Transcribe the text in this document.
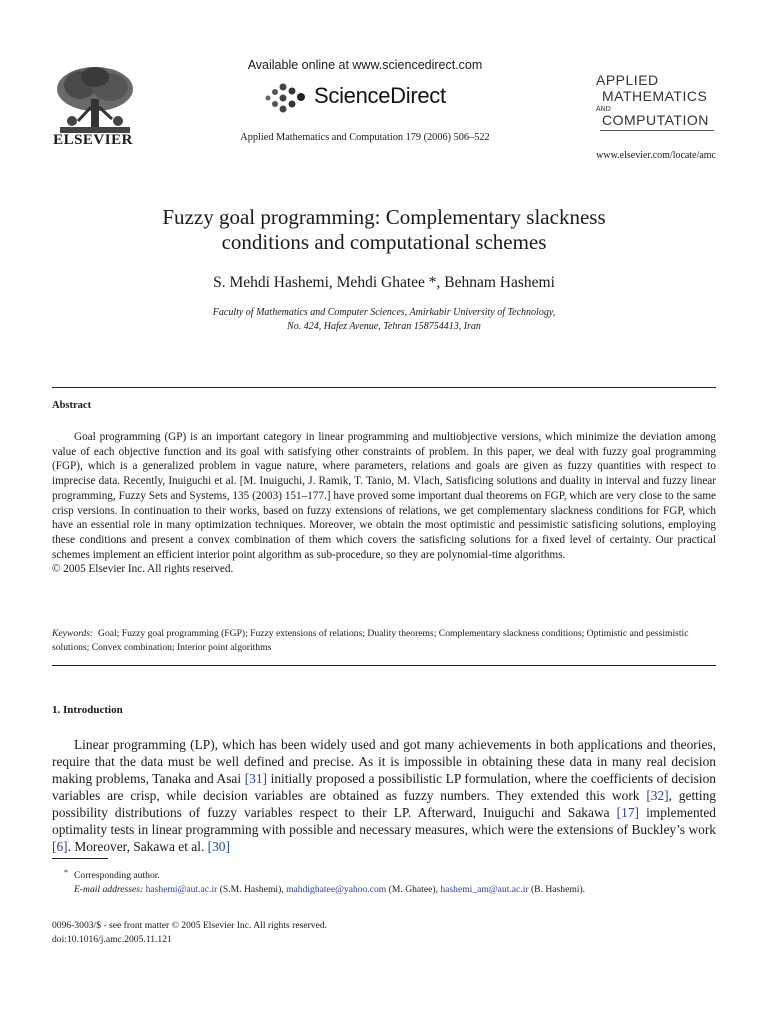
ELSEVIER
Available online at www.sciencedirect.com
ScienceDirect
Applied Mathematics and Computation 179 (2006) 506–522
APPLIED
MATHEMATICS
AND
COMPUTATION
www.elsevier.com/locate/amc
Fuzzy goal programming: Complementary slackness
conditions and computational schemes
S. Mehdi Hashemi, Mehdi Ghatee *, Behnam Hashemi
Faculty of Mathematics and Computer Sciences, Amirkabir University of Technology,
No. 424, Hafez Avenue, Tehran 158754413, Iran
Abstract

Goal programming (GP) is an important category in linear programming and multiobjective versions, which minimize the deviation among value of each objective function and its goal with satisfying other constraints of problem. In this paper, we deal with fuzzy goal programming (FGP), which is a generalized problem in vague nature, where parameters, relations and goals are given as fuzzy quantities with respect to imprecise data. Recently, Inuiguchi et al. [M. Inuiguchi, J. Ramik, T. Tanio, M. Vlach, Satisficing solutions and duality in interval and fuzzy linear programming, Fuzzy Sets and Systems, 135 (2003) 151–177.] have proved some important dual theorems on FGP, which are very close to the same crisp versions. In continuation to their works, based on fuzzy extensions of relations, we get complementary slackness conditions for FGP, which have an essential role in many optimization techniques. Moreover, we obtain the most optimistic and pessimistic satisficing solutions, employing these conditions and present a convex combination of them which covers the satisficing solutions for a fixed level of certainty. Our practical schemes implement an efficient interior point algorithm as sub-procedure, so they are polynomial-time algorithms.

© 2005 Elsevier Inc. All rights reserved.
Keywords: Goal; Fuzzy goal programming (FGP); Fuzzy extensions of relations; Duality theorems; Complementary slackness conditions; Optimistic and pessimistic solutions; Convex combination; Interior point algorithms
1. Introduction

Linear programming (LP), which has been widely used and got many achievements in both applications and theories, require that the data must be well defined and precise. As it is impossible in obtaining these data in many real decision making problems, Tanaka and Asai [31] initially proposed a possibilistic LP formulation, where the coefficients of decision variables are crisp, while decision variables are obtained as fuzzy numbers. They extended this work [32], getting possibility distributions of fuzzy variables respect to their LP. Afterward, Inuiguchi and Sakawa [17] implemented optimality tests in linear programming with possible and necessary measures, which were the extensions of Buckley’s work [6]. Moreover, Sakawa et al. [30]

* Corresponding author.
E-mail addresses: hashemi@aut.ac.ir (S.M. Hashemi), mahdighatee@yahoo.com (M. Ghatee), hashemi_am@aut.ac.ir (B. Hashemi).
0096-3003/$ - see front matter © 2005 Elsevier Inc. All rights reserved.
doi:10.1016/j.amc.2005.11.121
